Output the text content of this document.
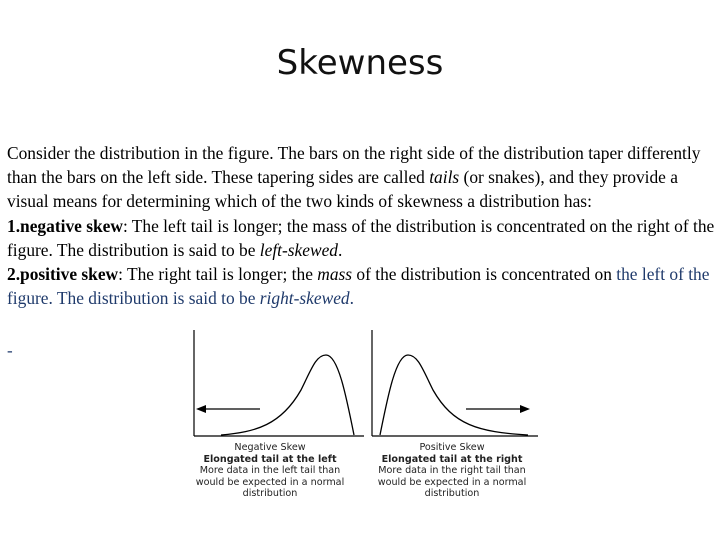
Skewness

Consider the distribution in the figure. The bars on the right side of the distribution taper differently than the bars on the left side. These tapering sides are called tails (or snakes), and they provide a visual means for determining which of the two kinds of skewness a distribution has:

1.negative skew: The left tail is longer; the mass of the distribution is concentrated on the right of the figure. The distribution is said to be left-skewed.

2.positive skew: The right tail is longer; the mass of the distribution is concentrated on the left of the figure. The distribution is said to be right-skewed.

-
Negative Skew
Elongated tail at the left
More data in the left tail than
would be expected in a normal
distribution
Positive Skew
Elongated tail at the right
More data in the right tail than
would be expected in a normal
distribution
